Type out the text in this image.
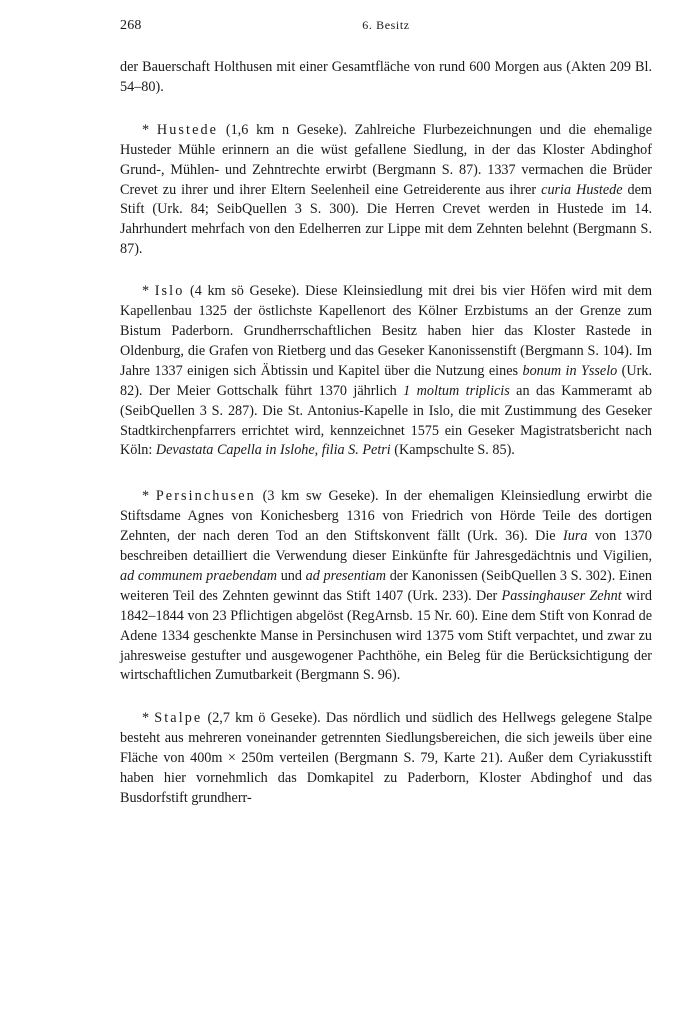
268	6. Besitz

der Bauerschaft Holthusen mit einer Gesamtfläche von rund 600 Morgen aus (Akten 209 Bl. 54–80).

* Hustede (1,6 km n Geseke). Zahlreiche Flurbezeichnungen und die ehemalige Husteder Mühle erinnern an die wüst gefallene Siedlung, in der das Kloster Abdinghof Grund-, Mühlen- und Zehntrechte erwirbt (Bergmann S. 87). 1337 vermachen die Brüder Crevet zu ihrer und ihrer Eltern Seelenheil eine Getreiderente aus ihrer curia Hustede dem Stift (Urk. 84; SeibQuellen 3 S. 300). Die Herren Crevet werden in Hustede im 14. Jahrhundert mehrfach von den Edelherren zur Lippe mit dem Zehnten belehnt (Bergmann S. 87).

* Islo (4 km sö Geseke). Diese Kleinsiedlung mit drei bis vier Höfen wird mit dem Kapellenbau 1325 der östlichste Kapellenort des Kölner Erzbistums an der Grenze zum Bistum Paderborn. Grundherrschaftlichen Besitz haben hier das Kloster Rastede in Oldenburg, die Grafen von Rietberg und das Geseker Kanonissenstift (Bergmann S. 104). Im Jahre 1337 einigen sich Äbtissin und Kapitel über die Nutzung eines bonum in Ysselo (Urk. 82). Der Meier Gottschalk führt 1370 jährlich 1 moltum triplicis an das Kammeramt ab (SeibQuellen 3 S. 287). Die St. Antonius-Kapelle in Islo, die mit Zustimmung des Geseker Stadtkirchenpfarrers errichtet wird, kennzeichnet 1575 ein Geseker Magistratsbericht nach Köln: Devastata Capella in Islohe, filia S. Petri (Kampschulte S. 85).

* Persinchusen (3 km sw Geseke). In der ehemaligen Kleinsiedlung erwirbt die Stiftsdame Agnes von Konichesberg 1316 von Friedrich von Hörde Teile des dortigen Zehnten, der nach deren Tod an den Stiftskonvent fällt (Urk. 36). Die Iura von 1370 beschreiben detailliert die Verwendung dieser Einkünfte für Jahresgedächtnis und Vigilien, ad communem praebendam und ad presentiam der Kanonissen (SeibQuellen 3 S. 302). Einen weiteren Teil des Zehnten gewinnt das Stift 1407 (Urk. 233). Der Passinghauser Zehnt wird 1842–1844 von 23 Pflichtigen abgelöst (RegArnsb. 15 Nr. 60). Eine dem Stift von Konrad de Adene 1334 geschenkte Manse in Persinchusen wird 1375 vom Stift verpachtet, und zwar zu jahresweise gestufter und ausgewogener Pachthöhe, ein Beleg für die Berücksichtigung der wirtschaftlichen Zumutbarkeit (Bergmann S. 96).

* Stalpe (2,7 km ö Geseke). Das nördlich und südlich des Hellwegs gelegene Stalpe besteht aus mehreren voneinander getrennten Siedlungsbereichen, die sich jeweils über eine Fläche von 400m × 250m verteilen (Bergmann S. 79, Karte 21). Außer dem Cyriakusstift haben hier vornehmlich das Domkapitel zu Paderborn, Kloster Abdinghof und das Busdorfstift grundherr-
